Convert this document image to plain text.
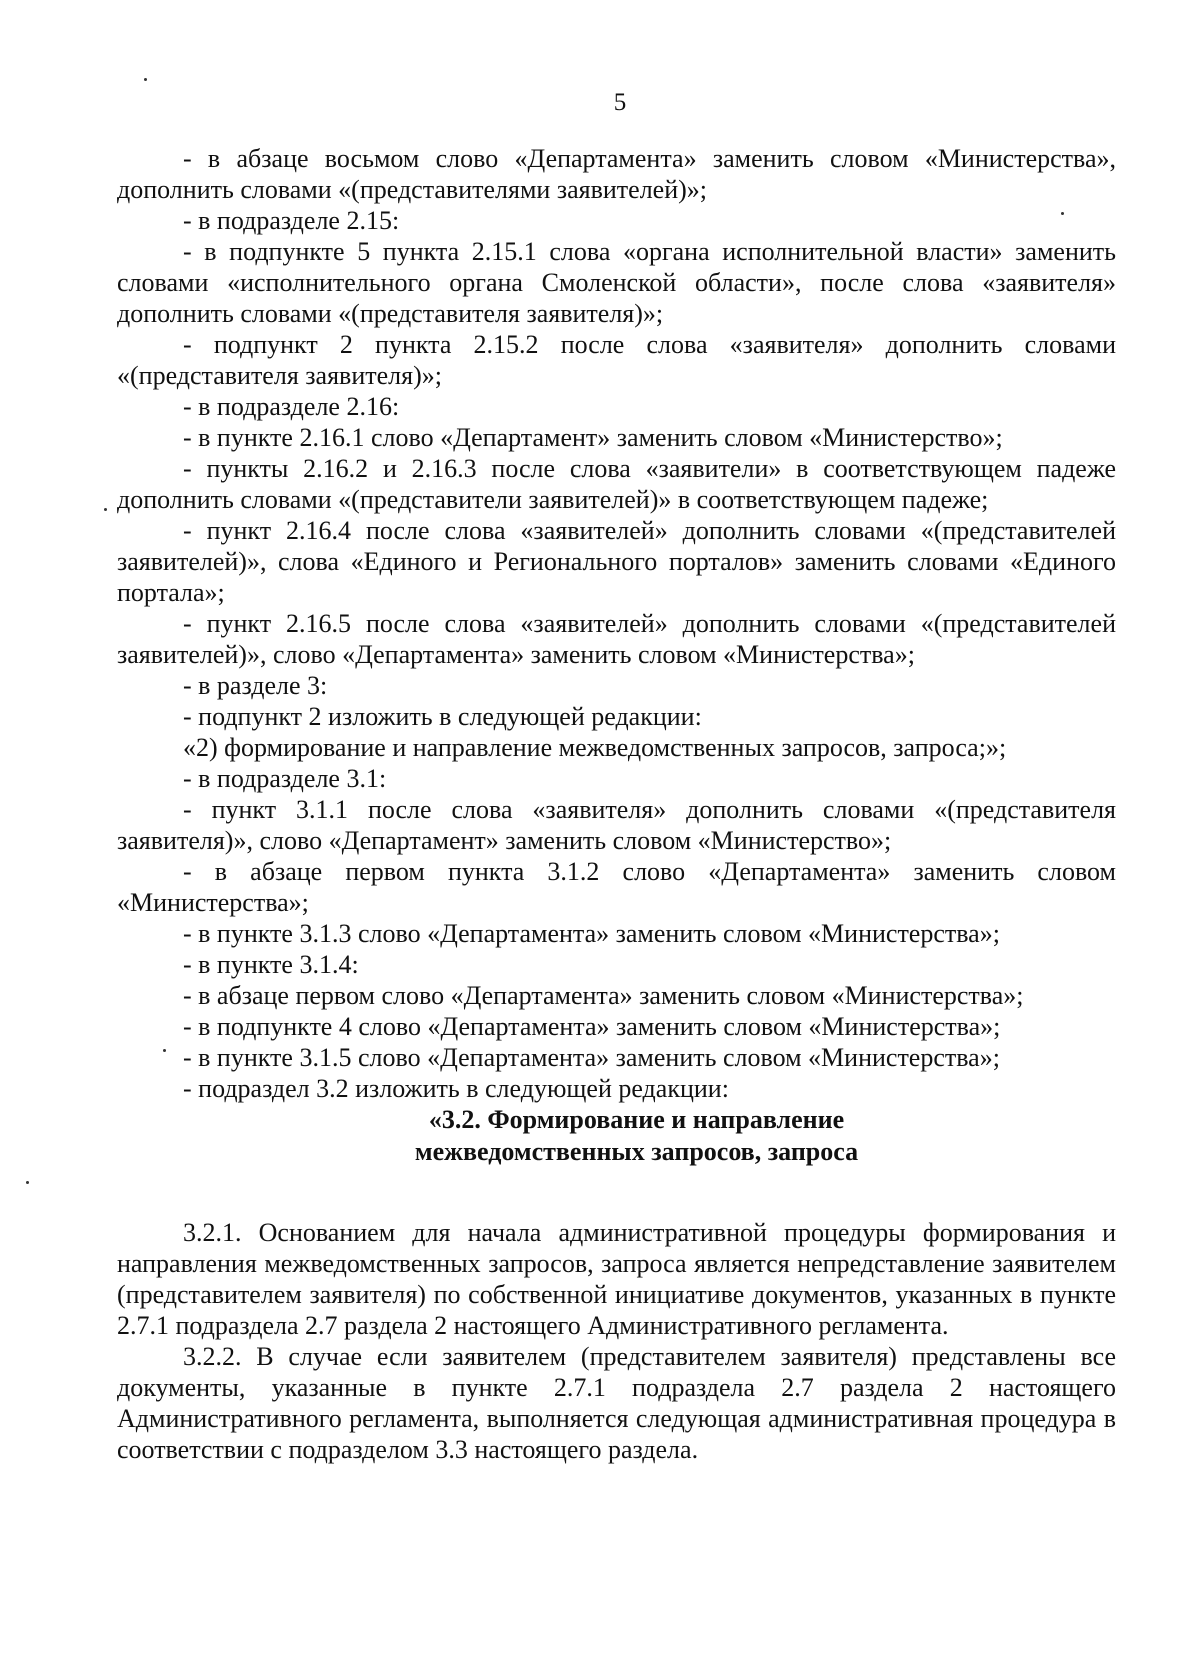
5

- в абзаце восьмом слово «Департамента» заменить словом «Министерства», дополнить словами «(представителями заявителей)»;

- в подразделе 2.15:

- в подпункте 5 пункта 2.15.1 слова «органа исполнительной власти» заменить словами «исполнительного органа Смоленской области», после слова «заявителя» дополнить словами «(представителя заявителя)»;

- подпункт 2 пункта 2.15.2 после слова «заявителя» дополнить словами «(представителя заявителя)»;

- в подразделе 2.16:

- в пункте 2.16.1 слово «Департамент» заменить словом «Министерство»;

- пункты 2.16.2 и 2.16.3 после слова «заявители» в соответствующем падеже дополнить словами «(представители заявителей)» в соответствующем падеже;

- пункт 2.16.4 после слова «заявителей» дополнить словами «(представителей заявителей)», слова «Единого и Регионального порталов» заменить словами «Единого портала»;

- пункт 2.16.5 после слова «заявителей» дополнить словами «(представителей заявителей)», слово «Департамента» заменить словом «Министерства»;

- в разделе 3:

- подпункт 2 изложить в следующей редакции:

«2) формирование и направление межведомственных запросов, запроса;»;

- в подразделе 3.1:

- пункт 3.1.1 после слова «заявителя» дополнить словами «(представителя заявителя)», слово «Департамент» заменить словом «Министерство»;

- в абзаце первом пункта 3.1.2 слово «Департамента» заменить словом «Министерства»;

- в пункте 3.1.3 слово «Департамента» заменить словом «Министерства»;

- в пункте 3.1.4:

- в абзаце первом слово «Департамента» заменить словом «Министерства»;

- в подпункте 4 слово «Департамента» заменить словом «Министерства»;

- в пункте 3.1.5 слово «Департамента» заменить словом «Министерства»;

- подраздел 3.2 изложить в следующей редакции:

«3.2. Формирование и направление
межведомственных запросов, запроса

3.2.1. Основанием для начала административной процедуры формирования и направления межведомственных запросов, запроса является непредставление заявителем (представителем заявителя) по собственной инициативе документов, указанных в пункте 2.7.1 подраздела 2.7 раздела 2 настоящего Административного регламента.

3.2.2. В случае если заявителем (представителем заявителя) представлены все документы, указанные в пункте 2.7.1 подраздела 2.7 раздела 2 настоящего Административного регламента, выполняется следующая административная процедура в соответствии с подразделом 3.3 настоящего раздела.
